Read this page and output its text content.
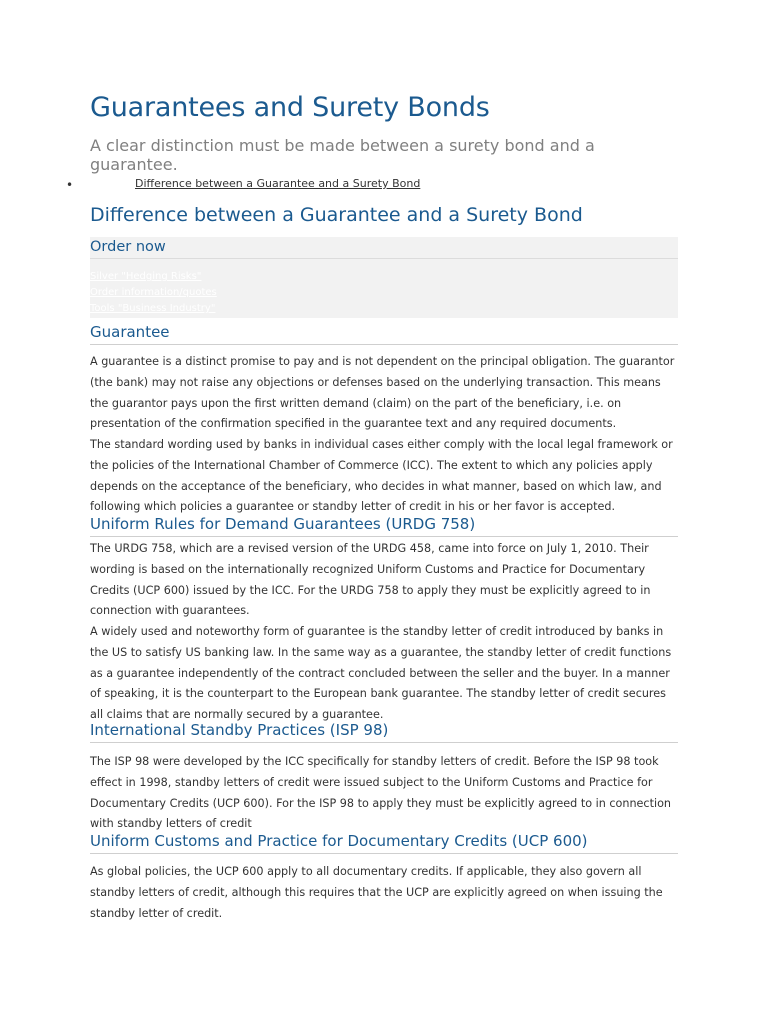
Guarantees and Surety Bonds

A clear distinction must be made between a surety bond and a guarantee.

•	Difference between a Guarantee and a Surety Bond
Difference between a Guarantee and a Surety Bond
Order now
Silver "Hedging Risks"
Order information/quotes
Tools "Business Industry"
Guarantee

A guarantee is a distinct promise to pay and is not dependent on the principal obligation. The guarantor (the bank) may not raise any objections or defenses based on the underlying transaction. This means the guarantor pays upon the first written demand (claim) on the part of the beneficiary, i.e. on presentation of the confirmation specified in the guarantee text and any required documents.

The standard wording used by banks in individual cases either comply with the local legal framework or the policies of the International Chamber of Commerce (ICC). The extent to which any policies apply depends on the acceptance of the beneficiary, who decides in what manner, based on which law, and following which policies a guarantee or standby letter of credit in his or her favor is accepted.

Uniform Rules for Demand Guarantees (URDG 758)

The URDG 758, which are a revised version of the URDG 458, came into force on July 1, 2010. Their wording is based on the internationally recognized Uniform Customs and Practice for Documentary Credits (UCP 600) issued by the ICC. For the URDG 758 to apply they must be explicitly agreed to in connection with guarantees.

A widely used and noteworthy form of guarantee is the standby letter of credit introduced by banks in the US to satisfy US banking law. In the same way as a guarantee, the standby letter of credit functions as a guarantee independently of the contract concluded between the seller and the buyer. In a manner of speaking, it is the counterpart to the European bank guarantee. The standby letter of credit secures all claims that are normally secured by a guarantee.

International Standby Practices (ISP 98)

The ISP 98 were developed by the ICC specifically for standby letters of credit. Before the ISP 98 took effect in 1998, standby letters of credit were issued subject to the Uniform Customs and Practice for Documentary Credits (UCP 600). For the ISP 98 to apply they must be explicitly agreed to in connection with standby letters of credit

Uniform Customs and Practice for Documentary Credits (UCP 600)

As global policies, the UCP 600 apply to all documentary credits. If applicable, they also govern all standby letters of credit, although this requires that the UCP are explicitly agreed on when issuing the standby letter of credit.
